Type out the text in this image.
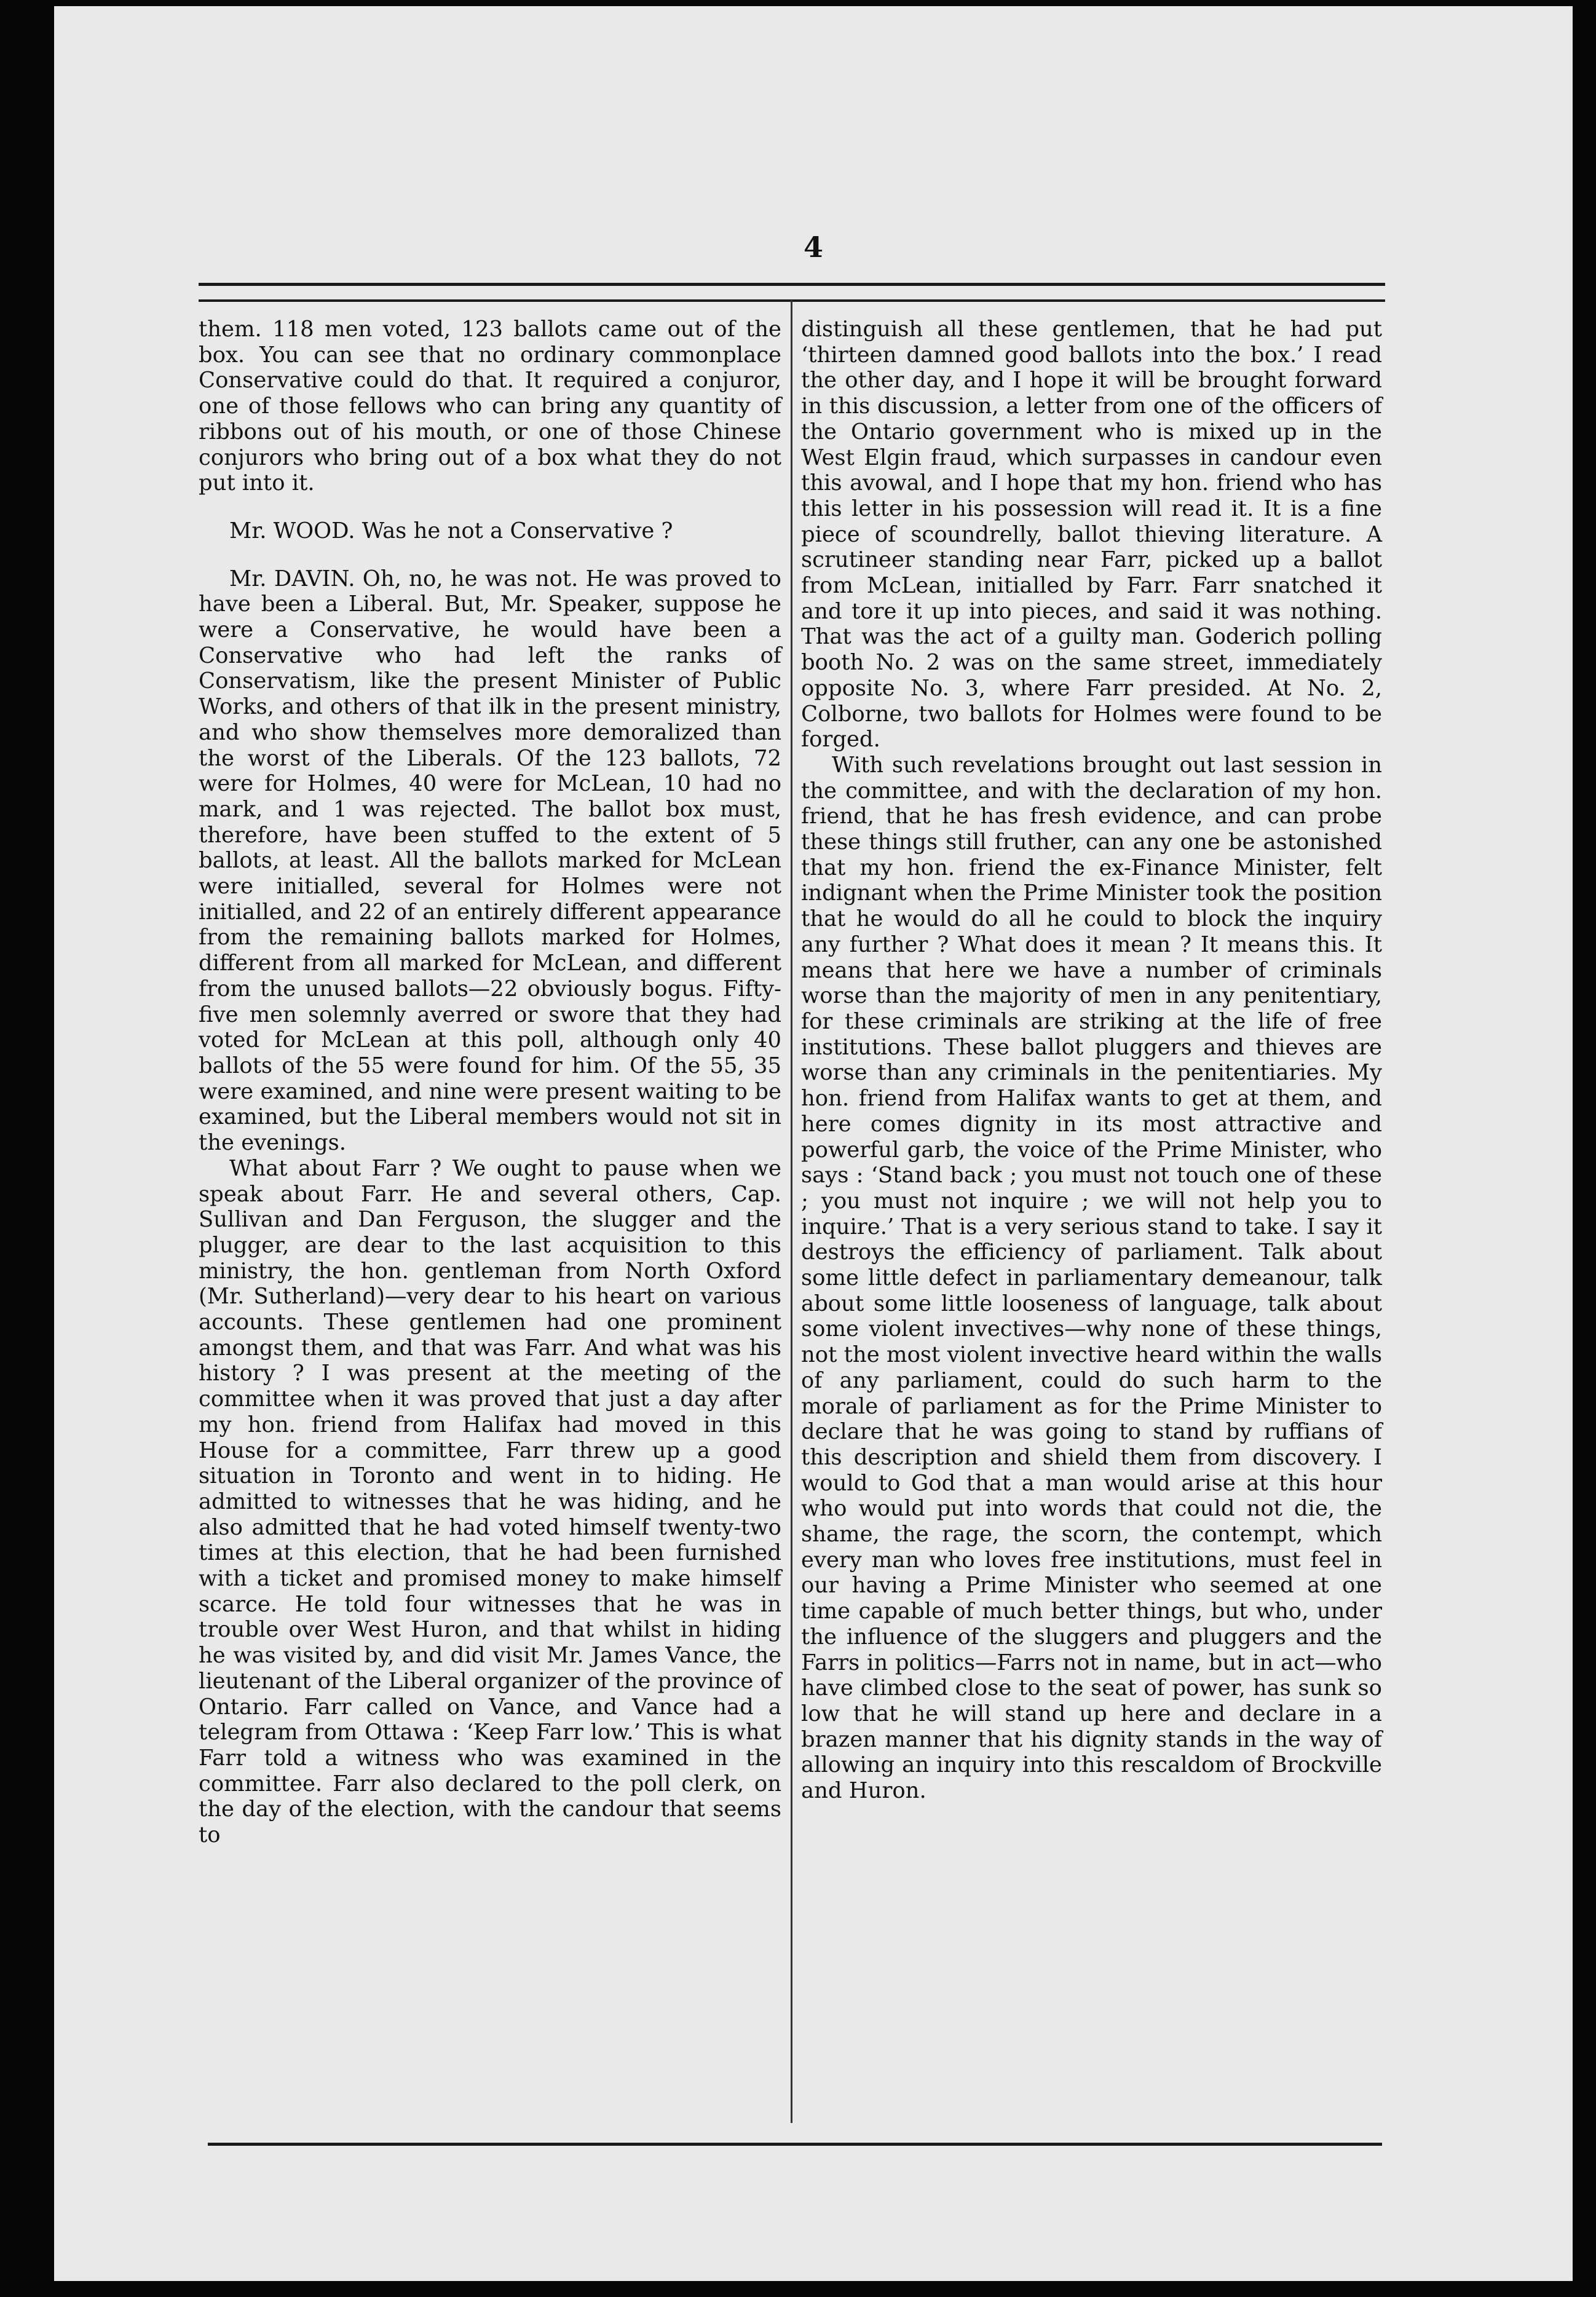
4

them. 118 men voted, 123 ballots came out of the box. You can see that no ordinary commonplace Conservative could do that. It required a conjuror, one of those fellows who can bring any quantity of ribbons out of his mouth, or one of those Chinese conjurors who bring out of a box what they do not put into it.

Mr. WOOD. Was he not a Conservative ?

Mr. DAVIN. Oh, no, he was not. He was proved to have been a Liberal. But, Mr. Speaker, suppose he were a Conservative, he would have been a Conservative who had left the ranks of Conservatism, like the present Minister of Public Works, and others of that ilk in the present ministry, and who show themselves more demoralized than the worst of the Liberals. Of the 123 ballots, 72 were for Holmes, 40 were for McLean, 10 had no mark, and 1 was rejected. The ballot box must, therefore, have been stuffed to the extent of 5 ballots, at least. All the ballots marked for McLean were initialled, several for Holmes were not initialled, and 22 of an entirely different appearance from the remaining ballots marked for Holmes, different from all marked for McLean, and different from the unused ballots—22 obviously bogus. Fifty-five men solemnly averred or swore that they had voted for McLean at this poll, although only 40 ballots of the 55 were found for him. Of the 55, 35 were examined, and nine were present waiting to be examined, but the Liberal members would not sit in the evenings.

What about Farr ? We ought to pause when we speak about Farr. He and several others, Cap. Sullivan and Dan Ferguson, the slugger and the plugger, are dear to the last acquisition to this ministry, the hon. gentleman from North Oxford (Mr. Sutherland)—very dear to his heart on various accounts. These gentlemen had one prominent amongst them, and that was Farr. And what was his history ? I was present at the meeting of the committee when it was proved that just a day after my hon. friend from Halifax had moved in this House for a committee, Farr threw up a good situation in Toronto and went in to hiding. He admitted to witnesses that he was hiding, and he also admitted that he had voted himself twenty-two times at this election, that he had been furnished with a ticket and promised money to make himself scarce. He told four witnesses that he was in trouble over West Huron, and that whilst in hiding he was visited by, and did visit Mr. James Vance, the lieutenant of the Liberal organizer of the province of Ontario. Farr called on Vance, and Vance had a telegram from Ottawa : ‘Keep Farr low.’ This is what Farr told a witness who was examined in the committee. Farr also declared to the poll clerk, on the day of the election, with the candour that seems to

distinguish all these gentlemen, that he had put ‘thirteen damned good ballots into the box.’ I read the other day, and I hope it will be brought forward in this discussion, a letter from one of the officers of the Ontario government who is mixed up in the West Elgin fraud, which surpasses in candour even this avowal, and I hope that my hon. friend who has this letter in his possession will read it. It is a fine piece of scoundrelly, ballot thieving literature. A scrutineer standing near Farr, picked up a ballot from McLean, initialled by Farr. Farr snatched it and tore it up into pieces, and said it was nothing. That was the act of a guilty man. Goderich polling booth No. 2 was on the same street, immediately opposite No. 3, where Farr presided. At No. 2, Colborne, two ballots for Holmes were found to be forged.

With such revelations brought out last session in the committee, and with the declaration of my hon. friend, that he has fresh evidence, and can probe these things still fruther, can any one be astonished that my hon. friend the ex-Finance Minister, felt indignant when the Prime Minister took the position that he would do all he could to block the inquiry any further ? What does it mean ? It means this. It means that here we have a number of criminals worse than the majority of men in any penitentiary, for these criminals are striking at the life of free institutions. These ballot pluggers and thieves are worse than any criminals in the penitentiaries. My hon. friend from Halifax wants to get at them, and here comes dignity in its most attractive and powerful garb, the voice of the Prime Minister, who says : ‘Stand back ; you must not touch one of these ; you must not inquire ; we will not help you to inquire.’ That is a very serious stand to take. I say it destroys the efficiency of parliament. Talk about some little defect in parliamentary demeanour, talk about some little looseness of language, talk about some violent invectives—why none of these things, not the most violent invective heard within the walls of any parliament, could do such harm to the morale of parliament as for the Prime Minister to declare that he was going to stand by ruffians of this description and shield them from discovery. I would to God that a man would arise at this hour who would put into words that could not die, the shame, the rage, the scorn, the contempt, which every man who loves free institutions, must feel in our having a Prime Minister who seemed at one time capable of much better things, but who, under the influence of the sluggers and pluggers and the Farrs in politics—Farrs not in name, but in act—who have climbed close to the seat of power, has sunk so low that he will stand up here and declare in a brazen manner that his dignity stands in the way of allowing an inquiry into this rescaldom of Brockville and Huron.
